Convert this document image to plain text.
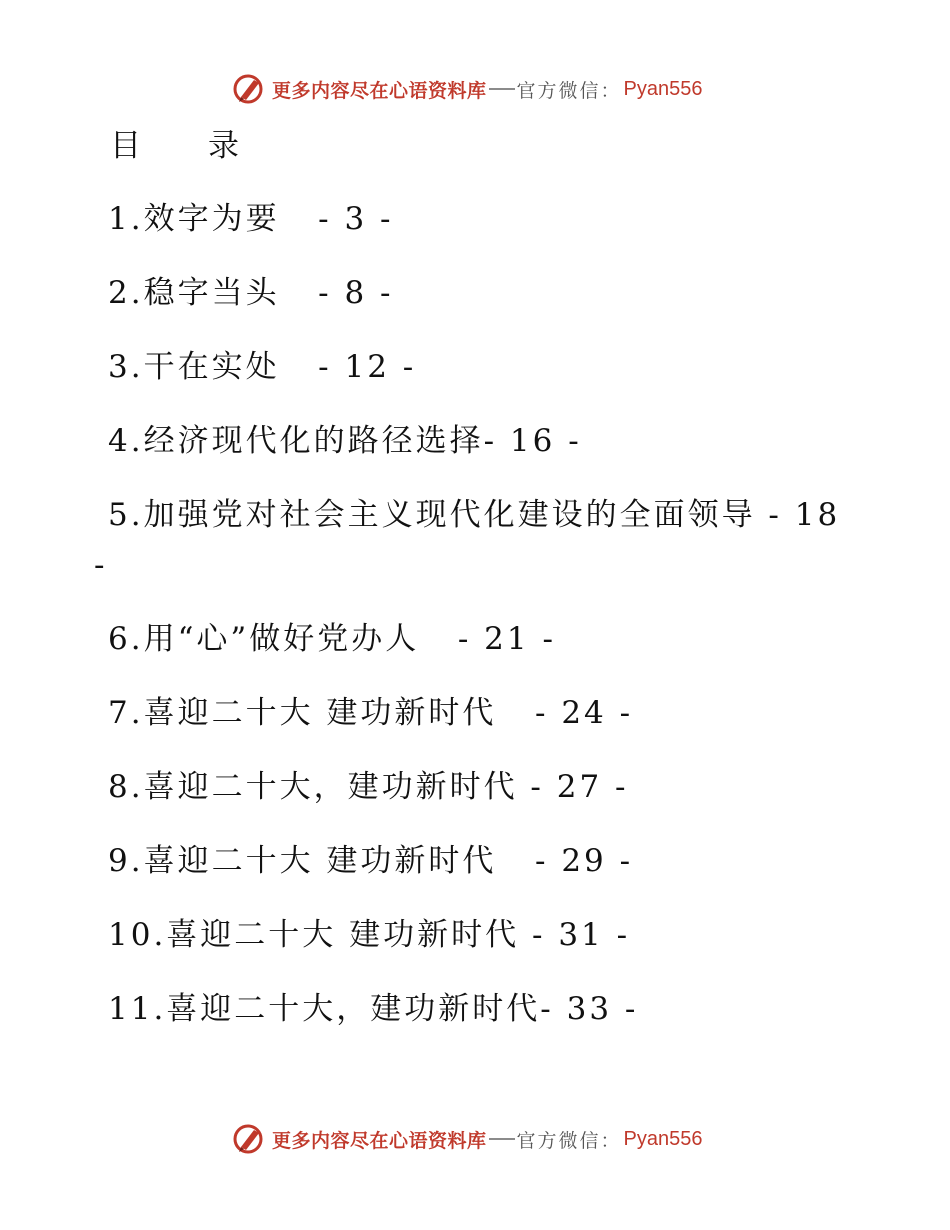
更多内容尽在心语资料库 官方微信 ： Pyan556
目	录
1.效字为要   - 3 -
2.稳字当头   - 8 -
3.干在实处   - 12 -
4.经济现代化的路径选择- 16 -
5.加强党对社会主义现代化建设的全面领导 - 18
-
6.用“心”做好党办人   - 21 -
7.喜迎二十大 建功新时代   - 24 -
8.喜迎二十大，建功新时代 - 27 -
9.喜迎二十大 建功新时代   - 29 -
10.喜迎二十大 建功新时代 - 31 -
11.喜迎二十大，建功新时代- 33 -
更多内容尽在心语资料库 官方微信 ： Pyan556
